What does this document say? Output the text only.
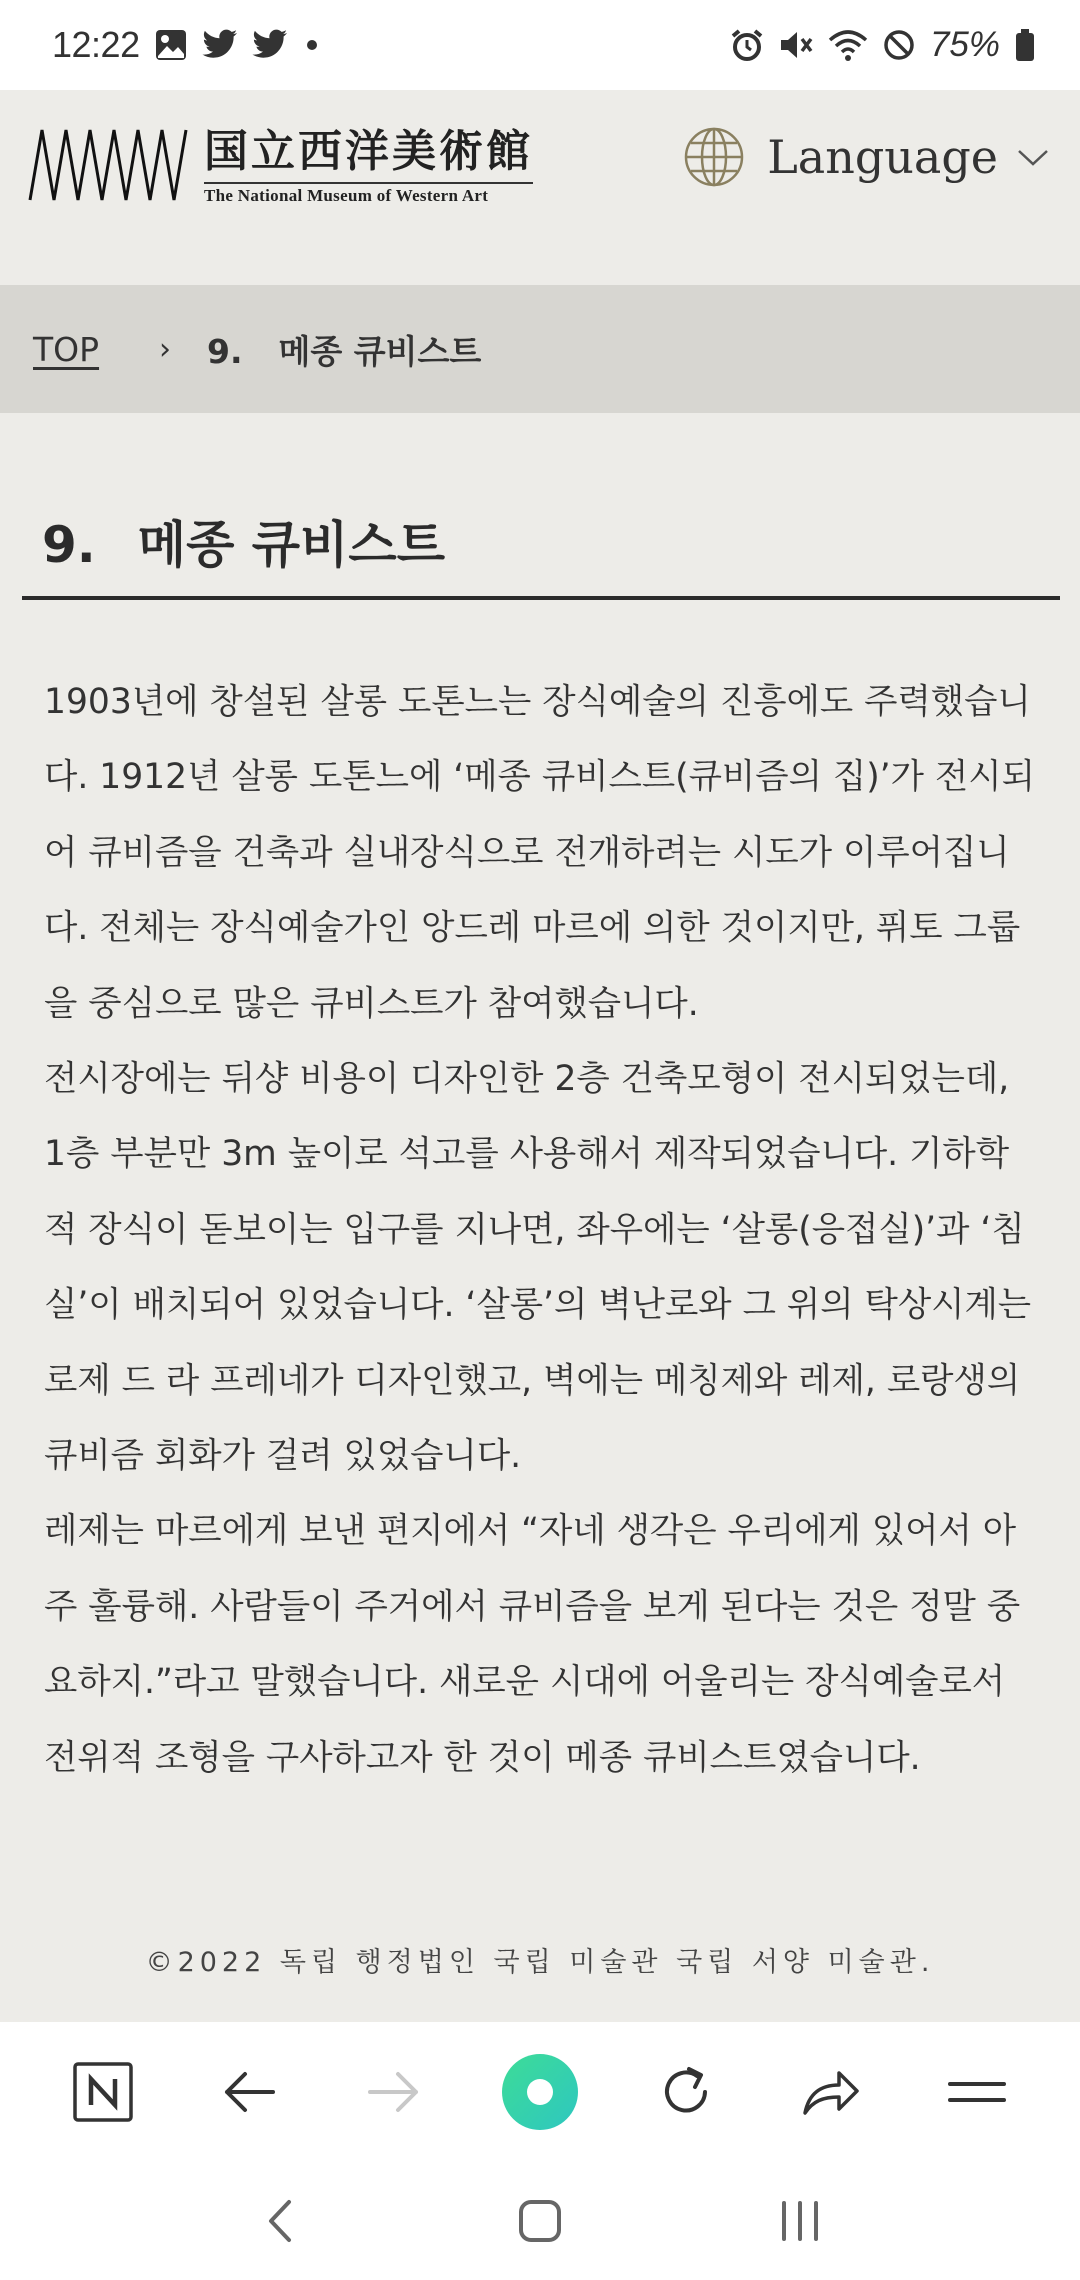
12:22	75%
国立西洋美術館
The National Museum of Western Art
Language
TOP › 9. 메종 큐비스트
9. 메종 큐비스트

1903년에 창설된 살롱 도톤느는 장식예술의 진흥에도 주력했습니다. 1912년 살롱 도톤느에 ‘메종 큐비스트(큐비즘의 집)’가 전시되어 큐비즘을 건축과 실내장식으로 전개하려는 시도가 이루어집니다. 전체는 장식예술가인 앙드레 마르에 의한 것이지만, 퓌토 그룹을 중심으로 많은 큐비스트가 참여했습니다.

전시장에는 뒤샹 비용이 디자인한 2층 건축모형이 전시되었는데, 1층 부분만 3m 높이로 석고를 사용해서 제작되었습니다. 기하학적 장식이 돋보이는 입구를 지나면, 좌우에는 ‘살롱(응접실)’과 ‘침실’이 배치되어 있었습니다. ‘살롱’의 벽난로와 그 위의 탁상시계는 로제 드 라 프레네가 디자인했고, 벽에는 메칭제와 레제, 로랑생의 큐비즘 회화가 걸려 있었습니다.

레제는 마르에게 보낸 편지에서 “자네 생각은 우리에게 있어서 아주 훌륭해. 사람들이 주거에서 큐비즘을 보게 된다는 것은 정말 중요하지.”라고 말했습니다. 새로운 시대에 어울리는 장식예술로서 전위적 조형을 구사하고자 한 것이 메종 큐비스트였습니다.

©2022 독립 행정법인 국립 미술관 국립 서양 미술관.
